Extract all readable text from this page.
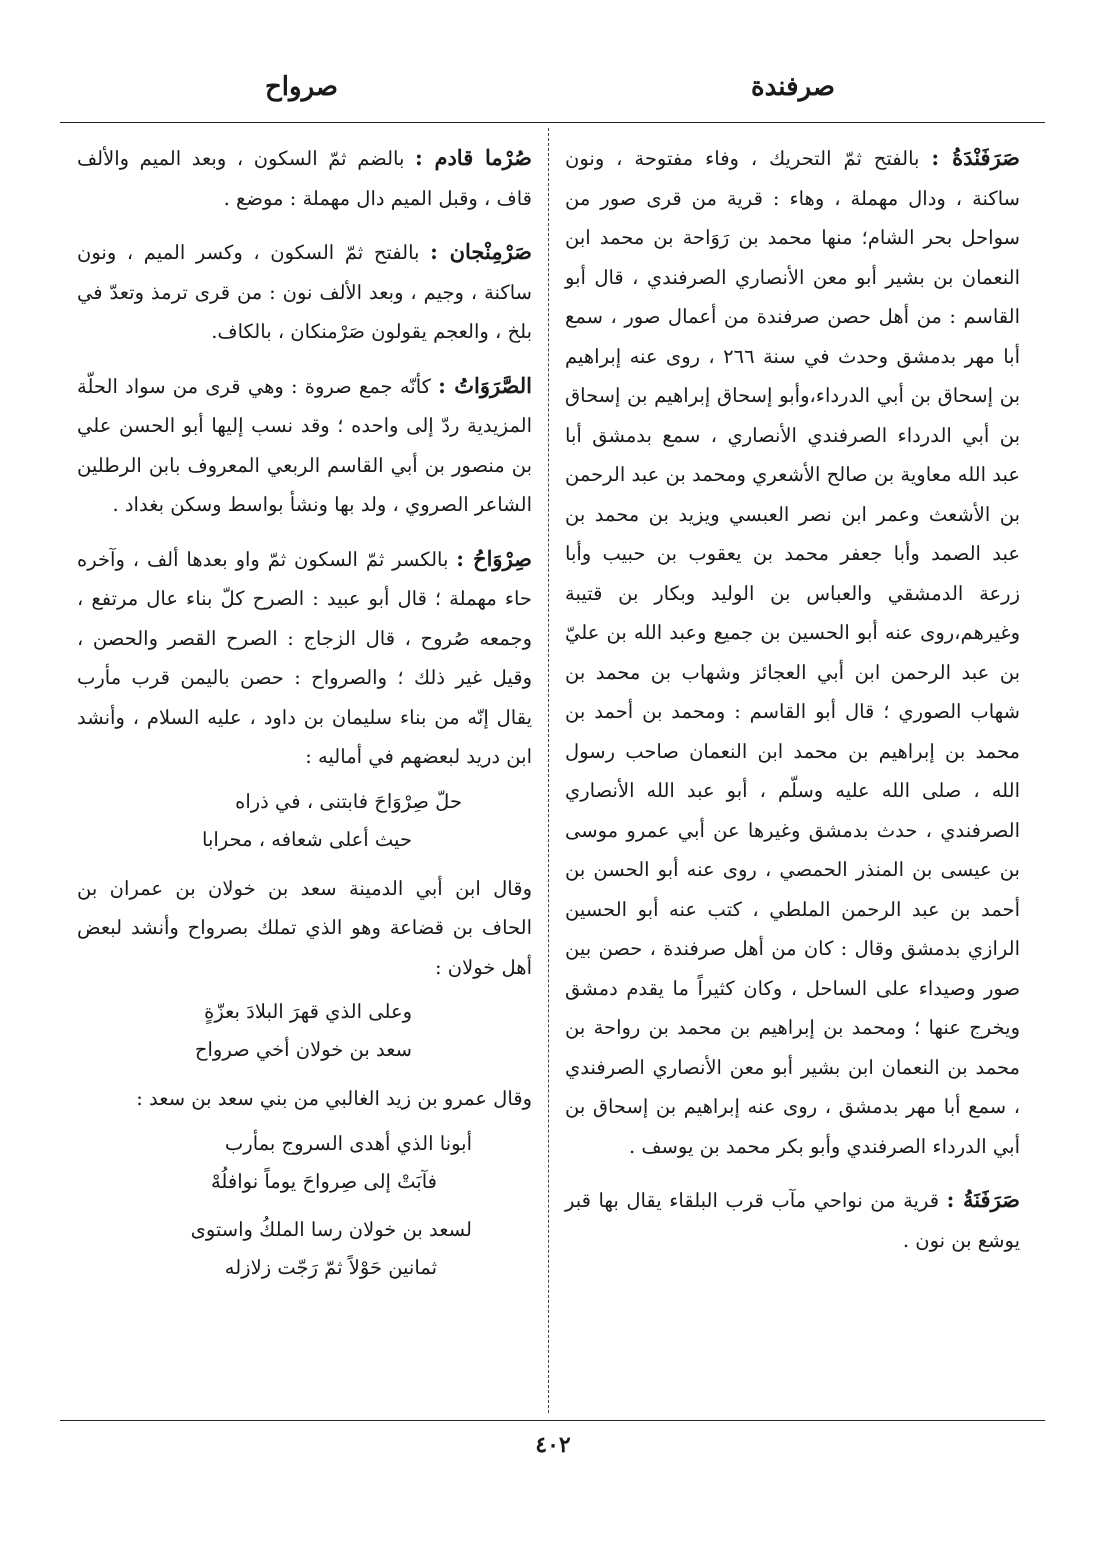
صرفندة
صرواح

صَرَفَنْدَةُ : بالفتح ثمّ التحريك ، وفاء مفتوحة ، ونون ساكنة ، ودال مهملة ، وهاء : قرية من قرى صور من سواحل بحر الشام؛ منها محمد بن رَوَاحة بن محمد ابن النعمان بن بشير أبو معن الأنصاري الصرفندي ، قال أبو القاسم : من أهل حصن صرفندة من أعمال صور ، سمع أبا مهر بدمشق وحدث في سنة ٢٦٦ ، روى عنه إبراهيم بن إسحاق بن أبي الدرداء،وأبو إسحاق إبراهيم بن إسحاق بن أبي الدرداء الصرفندي الأنصاري ، سمع بدمشق أبا عبد الله معاوية بن صالح الأشعري ومحمد بن عبد الرحمن بن الأشعث وعمر ابن نصر العبسي ويزيد بن محمد بن عبد الصمد وأبا جعفر محمد بن يعقوب بن حبيب وأبا زرعة الدمشقي والعباس بن الوليد وبكار بن قتيبة وغيرهم،روى عنه أبو الحسين بن جميع وعبد الله بن عليّ بن عبد الرحمن ابن أبي العجائز وشهاب بن محمد بن شهاب الصوري ؛ قال أبو القاسم : ومحمد بن أحمد بن محمد بن إبراهيم بن محمد ابن النعمان صاحب رسول الله ، صلى الله عليه وسلّم ، أبو عبد الله الأنصاري الصرفندي ، حدث بدمشق وغيرها عن أبي عمرو موسى بن عيسى بن المنذر الحمصي ، روى عنه أبو الحسن بن أحمد بن عبد الرحمن الملطي ، كتب عنه أبو الحسين الرازي بدمشق وقال : كان من أهل صرفندة ، حصن بين صور وصيداء على الساحل ، وكان كثيراً ما يقدم دمشق ويخرج عنها ؛ ومحمد بن إبراهيم بن محمد بن رواحة بن محمد بن النعمان ابن بشير أبو معن الأنصاري الصرفندي ، سمع أبا مهر بدمشق ، روى عنه إبراهيم بن إسحاق بن أبي الدرداء الصرفندي وأبو بكر محمد بن يوسف .

صَرَفَنَةُ : قرية من نواحي مآب قرب البلقاء يقال بها قبر يوشع بن نون .

صُرْما قادم : بالضم ثمّ السكون ، وبعد الميم والألف قاف ، وقبل الميم دال مهملة : موضع .

صَرْمِنْجان : بالفتح ثمّ السكون ، وكسر الميم ، ونون ساكنة ، وجيم ، وبعد الألف نون : من قرى ترمذ وتعدّ في بلخ ، والعجم يقولون صَرْمنكان ، بالكاف.

الصَّرَوَاتُ : كأنّه جمع صروة : وهي قرى من سواد الحلّة المزيدية ردّ إلى واحده ؛ وقد نسب إليها أبو الحسن علي بن منصور بن أبي القاسم الربعي المعروف بابن الرطلين الشاعر الصروي ، ولد بها ونشأ بواسط وسكن بغداد .

صِرْوَاحُ : بالكسر ثمّ السكون ثمّ واو بعدها ألف ، وآخره حاء مهملة ؛ قال أبو عبيد : الصرح كلّ بناء عال مرتفع ، وجمعه صُروح ، قال الزجاج : الصرح القصر والحصن ، وقيل غير ذلك ؛ والصرواح : حصن باليمن قرب مأرب يقال إنّه من بناء سليمان بن داود ، عليه السلام ، وأنشد ابن دريد لبعضهم في أماليه :

حلّ صِرْوَاحَ فابتنى ، في ذراه
حيث أعلى شعافه ، محرابا

وقال ابن أبي الدمينة سعد بن خولان بن عمران بن الحاف بن قضاعة وهو الذي تملك بصرواح وأنشد لبعض أهل خولان :

وعلى الذي قهرَ البلادَ بعزّةٍ
سعد بن خولان أخي صرواح

وقال عمرو بن زيد الغالبي من بني سعد بن سعد :

أبونا الذي أهدى السروج بمأرب
فآبَتْ إلى صِرواحَ يوماً نوافلُهْ
لسعد بن خولان رسا الملكُ واستوى
ثمانين حَوْلاً ثمّ رَجّت زلازله
٤٠٢
